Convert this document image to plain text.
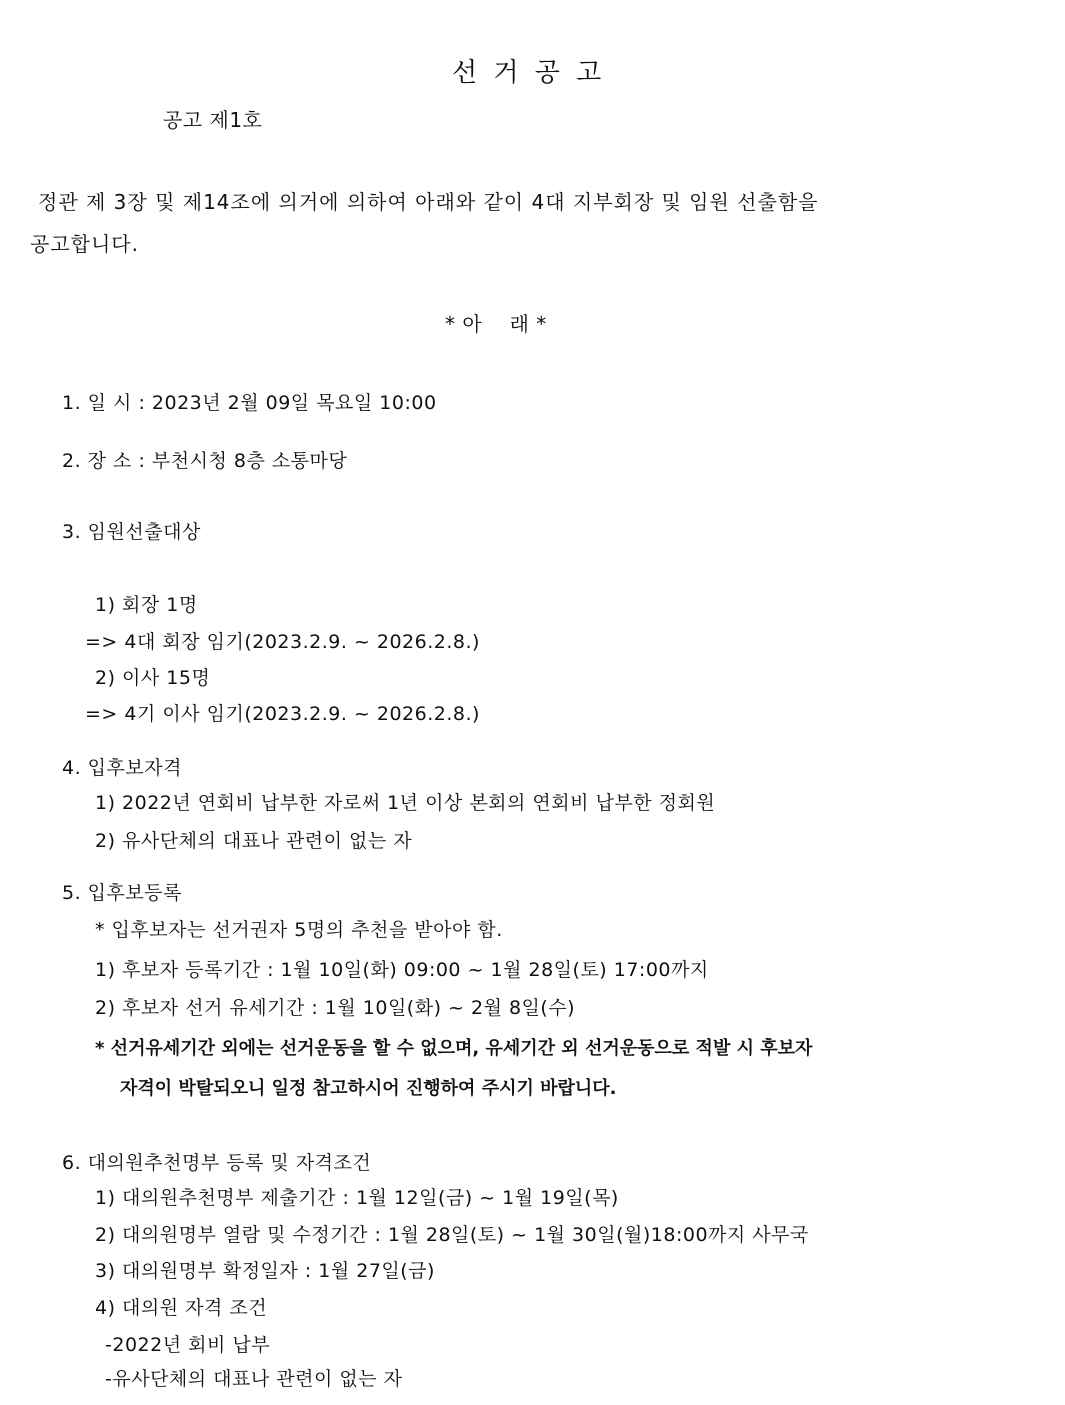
선 거 공 고
공고 제1호
정관 제 3장 및 제14조에 의거에 의하여 아래와 같이 4대 지부회장 및 임원 선출함을
공고합니다.
* 아    래 *
1. 일 시 : 2023년 2월 09일 목요일 10:00
2. 장 소 : 부천시청 8층 소통마당
3. 임원선출대상
1) 회장 1명
=> 4대 회장 임기(2023.2.9. ~ 2026.2.8.)
2) 이사 15명
=> 4기 이사 임기(2023.2.9. ~ 2026.2.8.)
4. 입후보자격
1) 2022년 연회비 납부한 자로써 1년 이상 본회의 연회비 납부한 정회원
2) 유사단체의 대표나 관련이 없는 자
5. 입후보등록
* 입후보자는 선거권자 5명의 추천을 받아야 함.
1) 후보자 등록기간 : 1월 10일(화) 09:00 ~ 1월 28일(토) 17:00까지
2) 후보자 선거 유세기간 : 1월 10일(화) ~ 2월 8일(수)
* 선거유세기간 외에는 선거운동을 할 수 없으며, 유세기간 외 선거운동으로 적발 시 후보자
자격이 박탈되오니 일정 참고하시어 진행하여 주시기 바랍니다.
6. 대의원추천명부 등록 및 자격조건
1) 대의원추천명부 제출기간 : 1월 12일(금) ~ 1월 19일(목)
2) 대의원명부 열람 및 수정기간 : 1월 28일(토) ~ 1월 30일(월)18:00까지 사무국
3) 대의원명부 확정일자 : 1월 27일(금)
4) 대의원 자격 조건
-2022년 회비 납부
-유사단체의 대표나 관련이 없는 자
